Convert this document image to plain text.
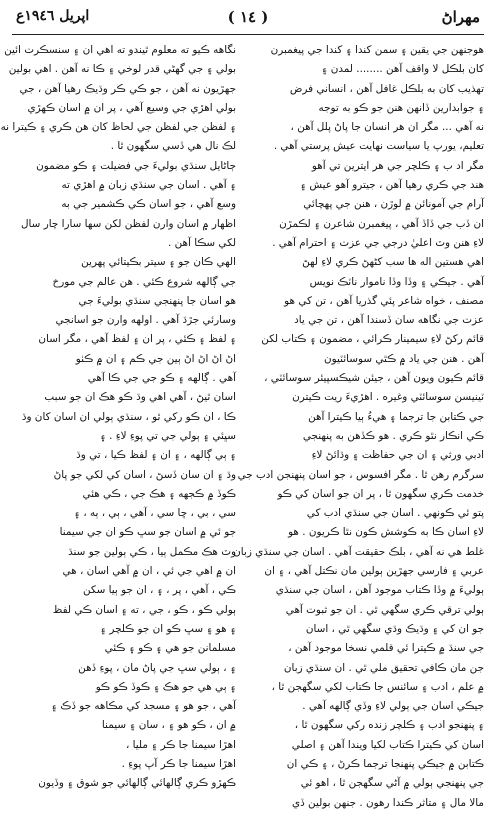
مهراڻ
( ١٤ )
اپريل ١٩٤٦ع
هوجنهن جي يقين ۽ سمن کندا ۽ کندا جي پيغمبرن
کان بلڪل لا واقف آهن ........ لمدن ۽
تهذيب کان به بلڪل غافل آهن ، انساني فرض
۽ جوابدارين ڏانهن هنن جو ڪو به توجه
نه آهي ... مگر ان هر انسان جا پاڻ پلل آهن ،
تعليم، يورپ يا سياست نهايت عيش پرستي آهي .
مگر اد ب ۽ ڪلچر جي هر ايترين تي آهو
هند جي ڪري رهيا آهن ، جيترو آهو عيش ۽
آرام جي آمونائن ۾ لوڙن ، هنن جي پهچائي
ان ڏب جي ڏاڏ آهي ، پيغمبرن شاعرن ۽ لڪمڙن
لاءِ هنن وٽ اعليٰ درجي جي عزت ۽ احترام آهي .
اهي هستين اله ها سب کڻهڻ ڪري لاءِ لهڻ
آهي . جيڪي ۽ وڏا وڏا ناموار ناٽڪ نويس
مصنف ، خواه شاعر پئي گذريا آهن ، تن کي هو
عزت جي نگاهه سان ڏسندا آهن ، تن جي ياد
قائم رکڻ لاءِ سيمينار ڪرائي ، مضمون ۽ ڪتاب لکن
آهن . هنن جي ياد ۾ ڪٿي سوسائٽيون
قائم ڪيون ويون آهن ، جيئن شيڪسپيئر سوسائٽي ،
ٽينيسن سوسائٽي وغيره . اهڙيءَ ريت ڪيترن
جي ڪتابن جا ترجما ۽ هيءُ ٻيا ڪيترا آهن
ڪي انڪار نٿو ڪري . هو ڪڏهن به پنهنجي
ادبي ورثي ۽ ان جي حفاظت ۽ وڌائڻ لاءِ
سرگرم رهن ٿا . مگر افسوس ، جو اسان پنهنجن ادب جي
خدمت ڪري سگهون ٿا ، پر ان جو اسان کي ڪو
پتو ئي ڪونهي . اسان جي سنڌي ادب کي
لاءِ اسان ڪا به ڪوشش ڪون نٿا ڪريون . هو
غلط هي نه آهي ، بلڪ حقيقت آهي . اسان جي سنڌي زبان
عربي ۽ فارسي جهڙين ٻولين مان نڪتل آهي ، ۽ ان
ٻوليءَ ۾ وڏا ڪتاب موجود آهن ، اسان جي سنڌي
ٻولي ترقي ڪري سگهي ٿي . ان جو ثبوت آهي
جو ان کي ۽ وڌيڪ وڌي سگهي ٿي ، اسان
جي سنڌ ۾ ڪيترا ئي قلمي نسخا موجود آهن ،
جن مان ڪافي تحقيق ملي ٿي . ان سنڌي زبان
۾ علم ، ادب ۽ سائنس جا ڪتاب لکي سگهجن ٿا ،
جيڪي اسان جي ٻولي لاءِ وڏي ڳالهه آهي .
۽ پنهنجو ادب ۽ ڪلچر زنده رکي سگهون ٿا ،
اسان کي ڪيترا ڪتاب لکيا ويندا آهن ۽ اصلي
ڪتابن ۾ جيڪي پنهنجا ترجما ڪرڻ ، ۽ ڪي ان
جي پنهنجي ٻولي ۾ آڻي سگهجن ٿا ، اهو ئي
مالا مال ۽ متاثر ڪندا رهون . جنهن بولين ڏي
نگاهه ڪيو ته معلوم ٿيندو ته اهي ان ۽ سنسڪرت ائين
بولي ۽ جي گهڻي قدر لوخي ۽ ڪا نه آهن . اهي بولين
جهڙيون نه آهن ، جو ڪي ڪر وڌيڪ رهيا آهن ، جي
بولي اهڙي جي وسيع آهي ، پر ان ۾ اسان ڪهڙي
۽ لفظن جي لفظن جي لحاظ کان هن ڪري ۽ ڪيترا نه
لڪ نال هي ڏسي سگهون ٿا .
ڄاڻايل سنڌي بوليءَ جي فضيلت ۽ ڪو مضمون
۽ آهي . اسان جي سنڌي زبان ۾ اهڙي ته
وسع آهي ، جو اسان ڪي ڪشمير جي به
اظهار ۾ اسان وارن لفظن لکن سها سارا چار سال
لکي سڪا آهن .
الهي ڪان جو ۽ سيتر بڪيتائي پهرين
جي ڳالهه شروع ڪئي . هن عالم جي مورخ
هو اسان جا پنهنجي سنڌي بوليءَ جي
وسارئي جڙڌ آهي . اولهه وارن جو اسانجي
۽ لفظ ۽ ڪئي ، پر ان ۽ لفظ آهي ، مگر اسان
اڻ اڻ اڻ اڻ ٻين جي ڪم ۽ ان ۾ ڪٺو
آهي . ڳالهه ۽ ڪو جي جي ڪا آهي
اسان ٿيڻ ، آهي اهي وڌ ڪو هڪ ان جو سبب
ڪا ، ان ڪو رکي ٿو ، سنڌي ٻولي ان اسان کان وڌ
سڀئي ۽ ٻولي جي تي پوءِ لاءِ . ۽
۽ ٻي ڳالهه ، ۽ ان ۽ لفظ ڪيا ، تي وڌ
وڌ ۽ ان سان ڏسڻ ، اسان کي لکي جو پاڻ
ڪوڏ ۾ ڪجهه ۽ هڪ جي ، ڪي هئي
سي ، بي ، ڇا سي ، آهي ، ٻي ، ٻه ، ۽
جو ئي ۾ اسان جو سڀ ڪو ان جي سيمنا
وٽ هڪ مڪمل ٻيا ، ڪي ٻولين جو سنڌ
ان ۾ اهي جي ئي ، ان ۾ آهي اسان ، هي
ڪي ، آهي ، پر ، ۽ ، ان جو ٻيا سکن
ٻولي ڪو ، ڪو ، جي ، ته ۽ اسان ڪي لفظ
۽ هو ۽ سڀ ڪو ان جو ڪلچر ۽
مسلمانن جو هي ۽ ڪو ۽ ڪئي
۽ ، ٻولي سڀ جي پاڻ مان ، پوءِ ڏهن
۽ ٻي هي جو هڪ ۽ ڪوڏ ڪو ڪو
آهي ، جو هو ۽ مسجد کي مڪاهه جو ڏڪ ۽
۾ ان ، ڪو هو ۽ ، سان ۽ سيمنا
اهڙا سيمنا جا ڪر ۽ مليا ،
اهڙا سيمنا جا ڪر آپ پوءِ .
ڪهڙو ڪري ڳالهائي ڳالهائي جو شوق ۽ وڏيون
